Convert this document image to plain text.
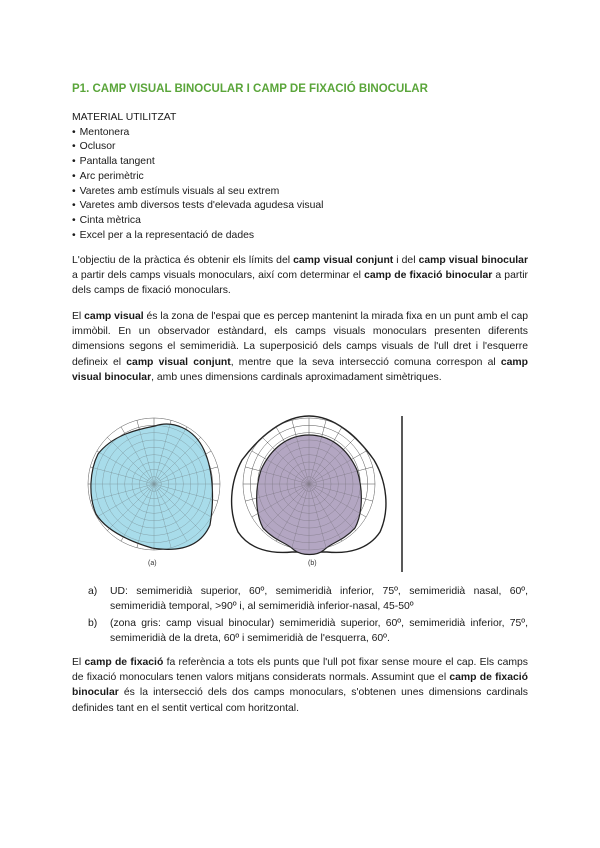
P1. CAMP VISUAL BINOCULAR I CAMP DE FIXACIÓ BINOCULAR
MATERIAL UTILITZAT
• Mentonera
• Oclusor
• Pantalla tangent
• Arc perimètric
• Varetes amb estímuls visuals al seu extrem
• Varetes amb diversos tests d'elevada agudesa visual
• Cinta mètrica
• Excel per a la representació de dades

L'objectiu de la pràctica és obtenir els límits del camp visual conjunt i del camp visual binocular a partir dels camps visuals monoculars, així com determinar el camp de fixació binocular a partir dels camps de fixació monoculars.

El camp visual és la zona de l'espai que es percep mantenint la mirada fixa en un punt amb el cap immòbil. En un observador estàndard, els camps visuals monoculars presenten diferents dimensions segons el semimeridià. La superposició dels camps visuals de l'ull dret i l'esquerre defineix el camp visual conjunt, mentre que la seva intersecció comuna correspon al camp visual binocular, amb unes dimensions cardinals aproximadament simètriques.

(a)	(b)
a)	UD: semimeridià superior, 60º, semimeridià inferior, 75º, semimeridià nasal, 60º, semimeridià temporal, >90º i, al semimeridià inferior-nasal, 45-50º
b)	(zona gris: camp visual binocular) semimeridià superior, 60º, semimeridià inferior, 75º, semimeridià de la dreta, 60º i semimeridià de l'esquerra, 60º.

El camp de fixació fa referència a tots els punts que l'ull pot fixar sense moure el cap. Els camps de fixació monoculars tenen valors mitjans considerats normals. Assumint que el camp de fixació binocular és la intersecció dels dos camps monoculars, s'obtenen unes dimensions cardinals definides tant en el sentit vertical com horitzontal.
